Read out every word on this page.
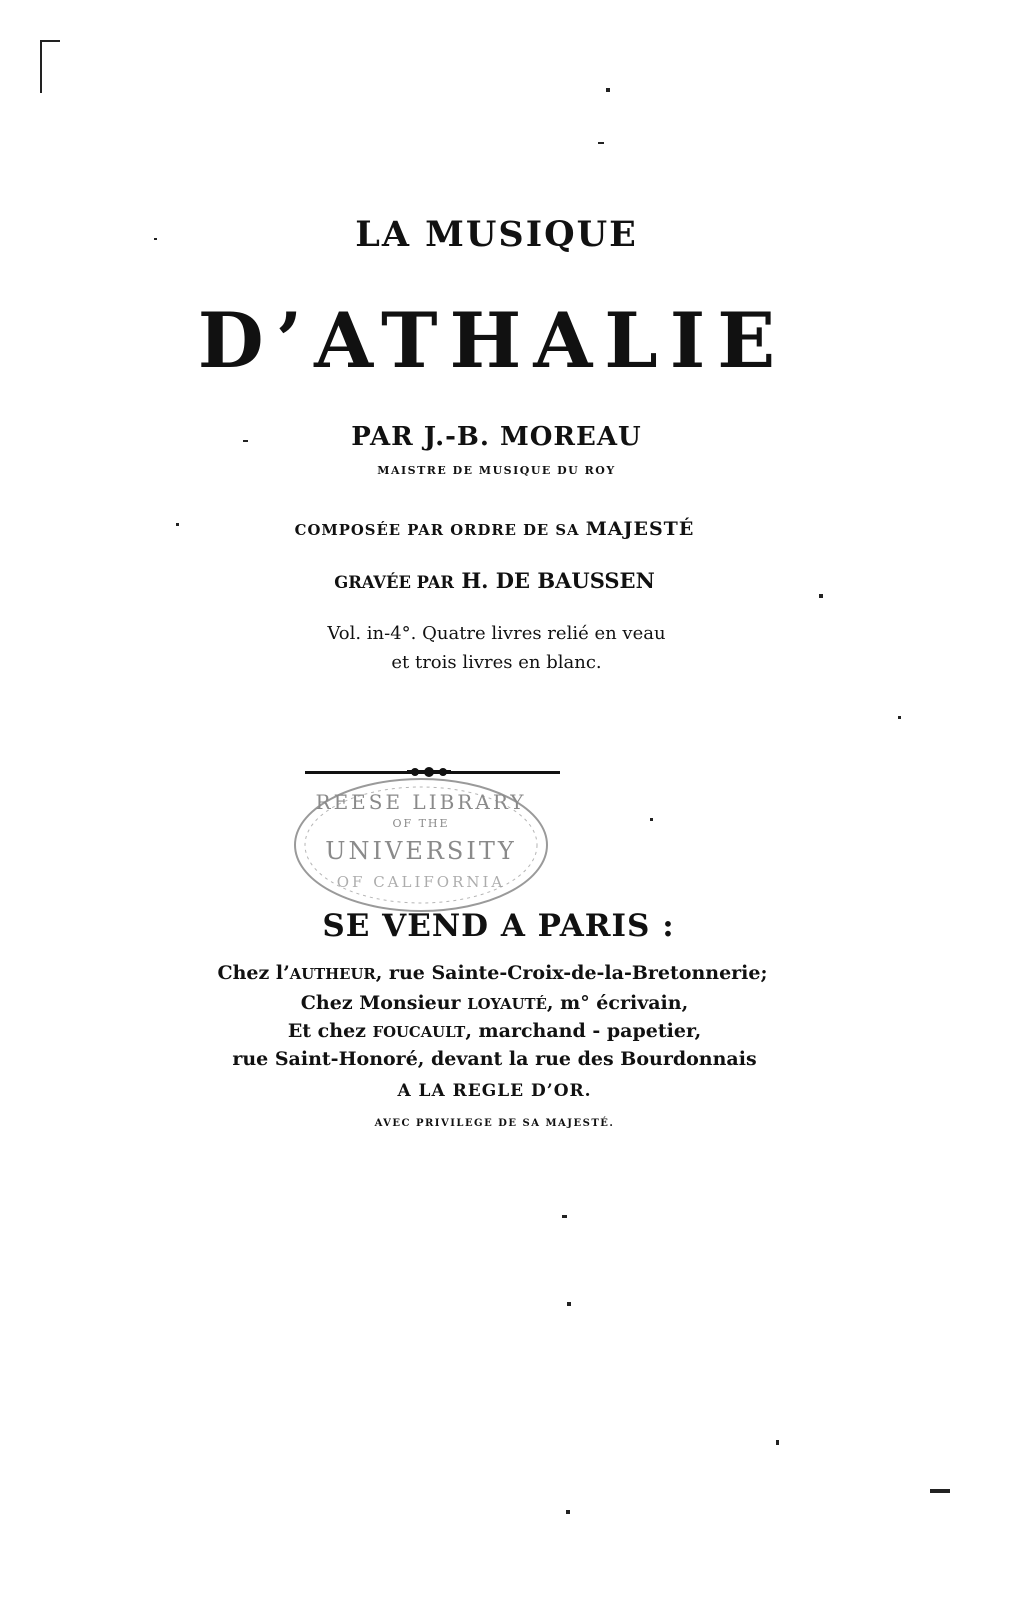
LA MUSIQUE
D’ATHALIE
PAR J.-B. MOREAU
MAISTRE DE MUSIQUE DU ROY
COMPOSÉE PAR ORDRE DE SA MAJESTÉ
GRAVÉE PAR H. DE BAUSSEN
Vol. in-4°. Quatre livres relié en veau
et trois livres en blanc.
REESE LIBRARY
OF THE
UNIVERSITY
OF CALIFORNIA
SE VEND A PARIS :
Chez l’AUTHEUR, rue Sainte-Croix-de-la-Bretonnerie;
Chez Monsieur LOYAUTÉ, m° écrivain,
Et chez FOUCAULT, marchand - papetier,
rue Saint-Honoré, devant la rue des Bourdonnais
A LA REGLE D’OR.
AVEC PRIVILEGE DE SA MAJESTÉ.
